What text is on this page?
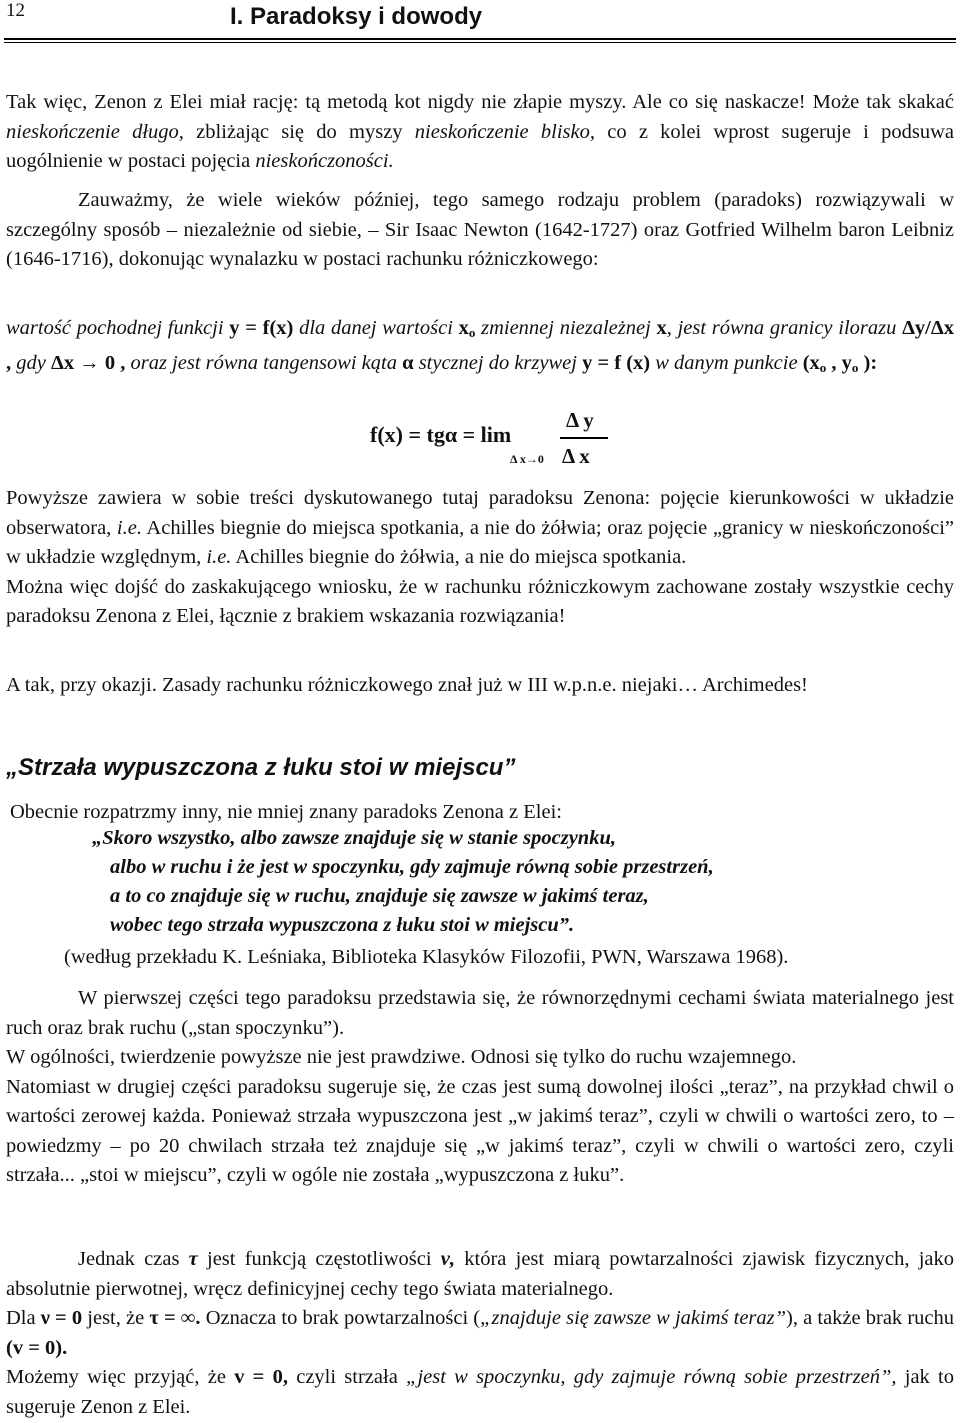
12	I. Paradoksy i dowody

Tak więc, Zenon z Elei miał rację: tą metodą kot nigdy nie złapie myszy. Ale co się naskacze! Może tak skakać nieskończenie długo, zbliżając się do myszy nieskończenie blisko, co z kolei wprost sugeruje i podsuwa uogólnienie w postaci pojęcia nieskończoności.

Zauważmy, że wiele wieków później, tego samego rodzaju problem (paradoks) rozwiązywali w szczególny sposób – niezależnie od siebie, – Sir Isaac Newton (1642-1727) oraz Gotfried Wilhelm baron Leibniz (1646-1716), dokonując wynalazku w postaci rachunku różniczkowego:

wartość pochodnej funkcji y = f(x) dla danej wartości $x_o$ zmiennej niezależnej x, jest równa granicy ilorazu Δy/Δx , gdy Δx → 0 , oraz jest równa tangensowi kąta α stycznej do krzywej y = f (x) w danym punkcie ($x_o$ , $y_o$ ):

f(x) = tgα = lim
Δ x→0
Δ y
Δ x

Powyższe zawiera w sobie treści dyskutowanego tutaj paradoksu Zenona: pojęcie kierunkowości w układzie obserwatora, i.e. Achilles biegnie do miejsca spotkania, a nie do żółwia; oraz pojęcie „granicy w nieskończoności” w układzie względnym, i.e. Achilles biegnie do żółwia, a nie do miejsca spotkania.

Można więc dojść do zaskakującego wniosku, że w rachunku różniczkowym zachowane zostały wszystkie cechy paradoksu Zenona z Elei, łącznie z brakiem wskazania rozwiązania!

A tak, przy okazji. Zasady rachunku różniczkowego znał już w III w.p.n.e. niejaki… Archimedes!

„Strzała wypuszczona z łuku stoi w miejscu”

Obecnie rozpatrzmy inny, nie mniej znany paradoks Zenona z Elei:

„Skoro wszystko, albo zawsze znajduje się w stanie spoczynku,
albo w ruchu i że jest w spoczynku, gdy zajmuje równą sobie przestrzeń,
a to co znajduje się w ruchu, znajduje się zawsze w jakimś teraz,
wobec tego strzała wypuszczona z łuku stoi w miejscu”.

(według przekładu K. Leśniaka, Biblioteka Klasyków Filozofii, PWN, Warszawa 1968).

W pierwszej części tego paradoksu przedstawia się, że równorzędnymi cechami świata materialnego jest ruch oraz brak ruchu („stan spoczynku”).

W ogólności, twierdzenie powyższe nie jest prawdziwe. Odnosi się tylko do ruchu wzajemnego.

Natomiast w drugiej części paradoksu sugeruje się, że czas jest sumą dowolnej ilości „teraz”, na przykład chwil o wartości zerowej każda. Ponieważ strzała wypuszczona jest „w jakimś teraz”, czyli w chwili o wartości zero, to – powiedzmy – po 20 chwilach strzała też znajduje się „w jakimś teraz”, czyli w chwili o wartości zero, czyli strzała... „stoi w miejscu”, czyli w ogóle nie została „wypuszczona z łuku”.

Jednak czas τ jest funkcją częstotliwości ν, która jest miarą powtarzalności zjawisk fizycznych, jako absolutnie pierwotnej, wręcz definicyjnej cechy tego świata materialnego.

Dla ν = 0 jest, że τ = ∞. Oznacza to brak powtarzalności („znajduje się zawsze w jakimś teraz”), a także brak ruchu (v = 0).

Możemy więc przyjąć, że v = 0, czyli strzała „jest w spoczynku, gdy zajmuje równą sobie przestrzeń”, jak to sugeruje Zenon z Elei.
